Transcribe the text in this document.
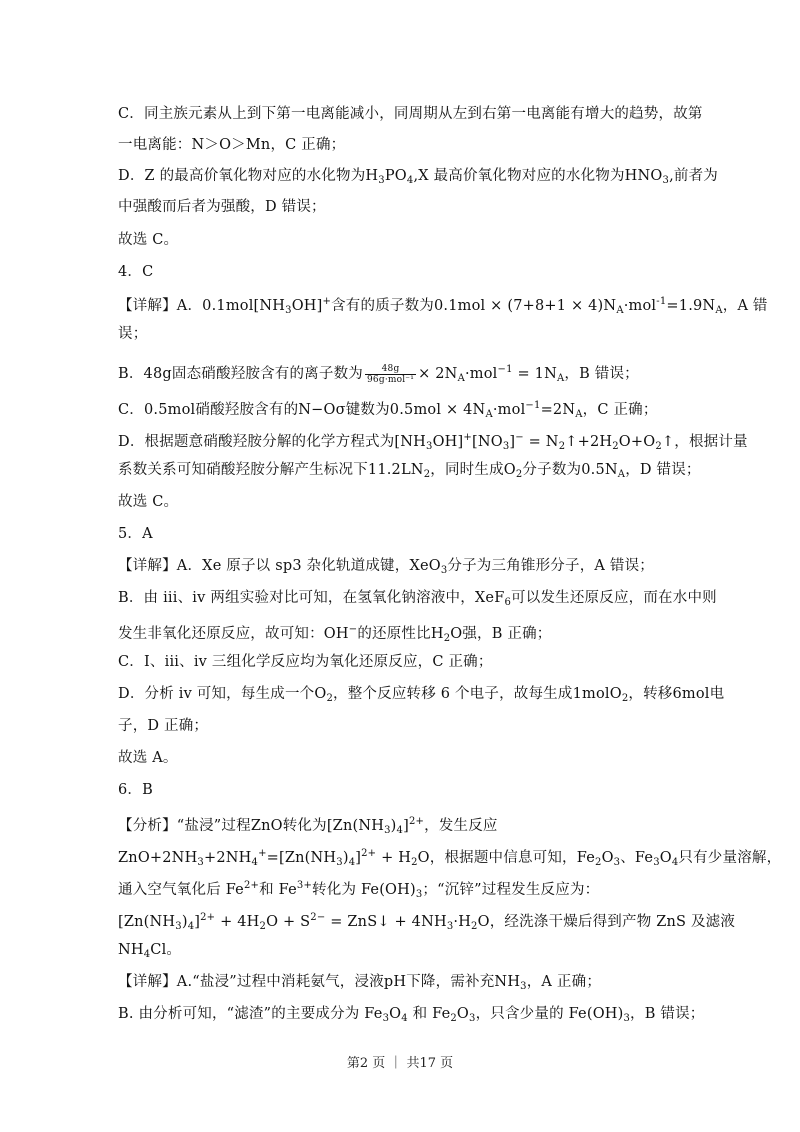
C．同主族元素从上到下第一电离能减小，同周期从左到右第一电离能有增大的趋势，故第
一电离能：N＞O＞Mn，C 正确；
D．Z 的最高价氧化物对应的水化物为$H_3PO_4,X$ 最高价氧化物对应的水化物为$HNO_3$,前者为
中强酸而后者为强酸，D 错误；
故选 C。
4．C
【详解】A．$0.1mol[NH_3OH]^+$含有的质子数为$0.1mol \times (7+8+1 \times 4)N_A\cdot mol^{-1}=1.9N_A$，A 错
误；
B．48g固态硝酸羟胺含有的离子数为 $\frac{48g}{\text{96g·mol⁻¹}} \times 2N_A\cdot mol^{-1} = 1N_A$，B 错误；
C．0.5mol硝酸羟胺含有的N−Oσ键数为$0.5mol \times 4N_A\cdot mol^{-1}=2N_A$，C 正确；
D．根据题意硝酸羟胺分解的化学方程式为$[NH_3OH]^+[NO_3]^-$ = $N_2↑+2H_2O+O_2↑$，根据计量
系数关系可知硝酸羟胺分解产生标况下$11.2LN_2$，同时生成$O_2$分子数为$0.5N_A$，D 错误；
故选 C。
5．A
【详解】A．Xe 原子以 sp3 杂化轨道成键，XeO$_3$分子为三角锥形分子，A 错误；
B．由 iii、iv 两组实验对比可知，在氢氧化钠溶液中，XeF$_6$可以发生还原反应，而在水中则
发生非氧化还原反应，故可知：OH−的还原性比$H_2O$强，B 正确；
C．I、iii、iv 三组化学反应均为氧化还原反应，C 正确；
D．分析 iv 可知，每生成一个$O_2$，整个反应转移 6 个电子，故每生成1molO$_2$，转移6mol电
子，D 正确；
故选 A。
6．B
【分析】“盐浸”过程ZnO转化为$[Zn(NH_3)_4]^{2+}$，发生反应
$ZnO+2NH_3+2NH_4^+=[Zn(NH_3)_4]^{2+} + H_2O$，根据题中信息可知，$Fe_2O_3$、$Fe_3O_4$只有少量溶解，
通入空气氧化后 $Fe^{2+}$和 $Fe^{3+}$转化为 $Fe(OH)_3$；“沉锌”过程发生反应为：
$[Zn(NH_3)_4]^{2+} + 4H_2O + S^{2-}$ = ZnS↓ + $4NH_3\cdot H_2O$，经洗涤干燥后得到产物 ZnS 及滤液
$NH_4Cl$。
【详解】A.“盐浸”过程中消耗氨气，浸液pH下降，需补充$NH_3$，A 正确；
B. 由分析可知，“滤渣”的主要成分为 $Fe_3O_4$ 和 $Fe_2O_3$，只含少量的 $Fe(OH)_3$，B 错误；
第2 页 ｜ 共17 页
